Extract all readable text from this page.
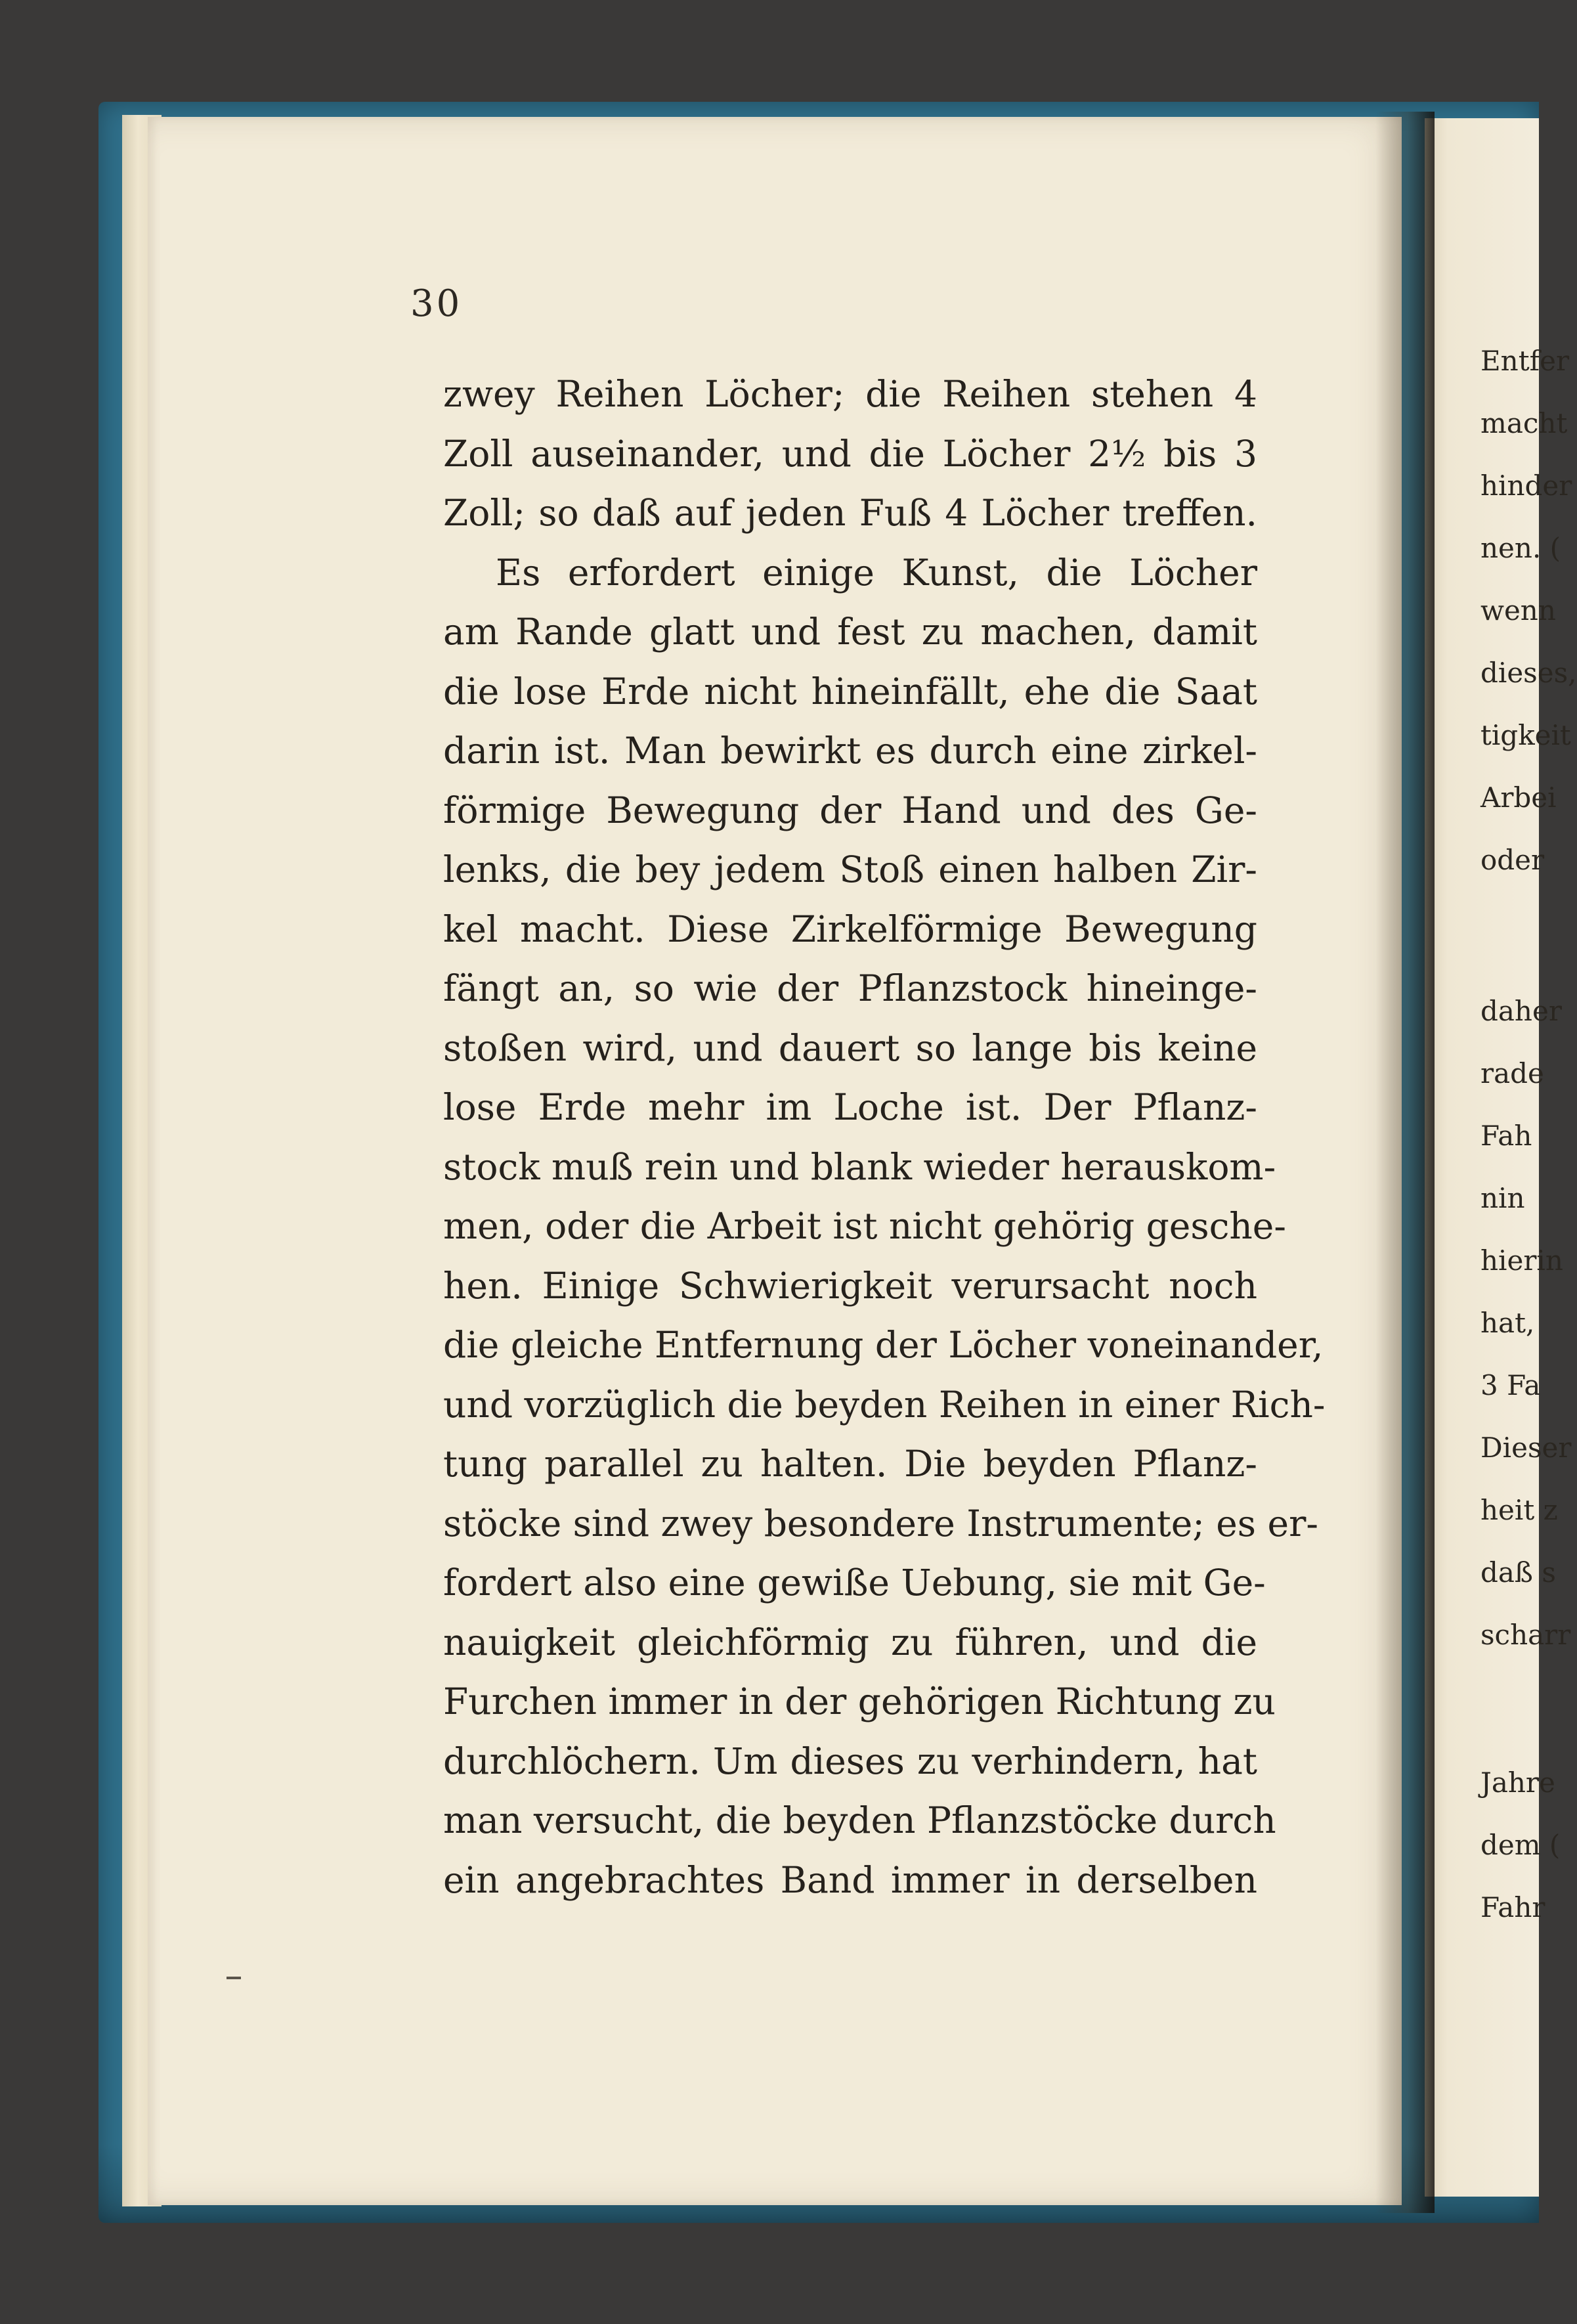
30
zwey Reihen Löcher; die Reihen stehen 4
Zoll auseinander, und die Löcher 2½ bis 3
Zoll; so daß auf jeden Fuß 4 Löcher treffen.
Es erfordert einige Kunst, die Löcher
am Rande glatt und fest zu machen, damit
die lose Erde nicht hineinfällt, ehe die Saat
darin ist. Man bewirkt es durch eine zirkel-
förmige Bewegung der Hand und des Ge-
lenks, die bey jedem Stoß einen halben Zir-
kel macht. Diese Zirkelförmige Bewegung
fängt an, so wie der Pflanzstock hineinge-
stoßen wird, und dauert so lange bis keine
lose Erde mehr im Loche ist. Der Pflanz-
stock muß rein und blank wieder herauskom-
men, oder die Arbeit ist nicht gehörig gesche-
hen. Einige Schwierigkeit verursacht noch
die gleiche Entfernung der Löcher voneinander,
und vorzüglich die beyden Reihen in einer Rich-
tung parallel zu halten. Die beyden Pflanz-
stöcke sind zwey besondere Instrumente; es er-
fordert also eine gewiße Uebung, sie mit Ge-
nauigkeit gleichförmig zu führen, und die
Furchen immer in der gehörigen Richtung zu
durchlöchern. Um dieses zu verhindern, hat
man versucht, die beyden Pflanzstöcke durch
ein angebrachtes Band immer in derselben
Entfer
macht
hinder
nen. (
wenn
dieses,
tigkeit
Arbei
oder
daher
rade
Fah
nin
hierin
hat,
3 Fa
Dieser
heit z
daß s
scharr
Jahre
dem (
Fahr
